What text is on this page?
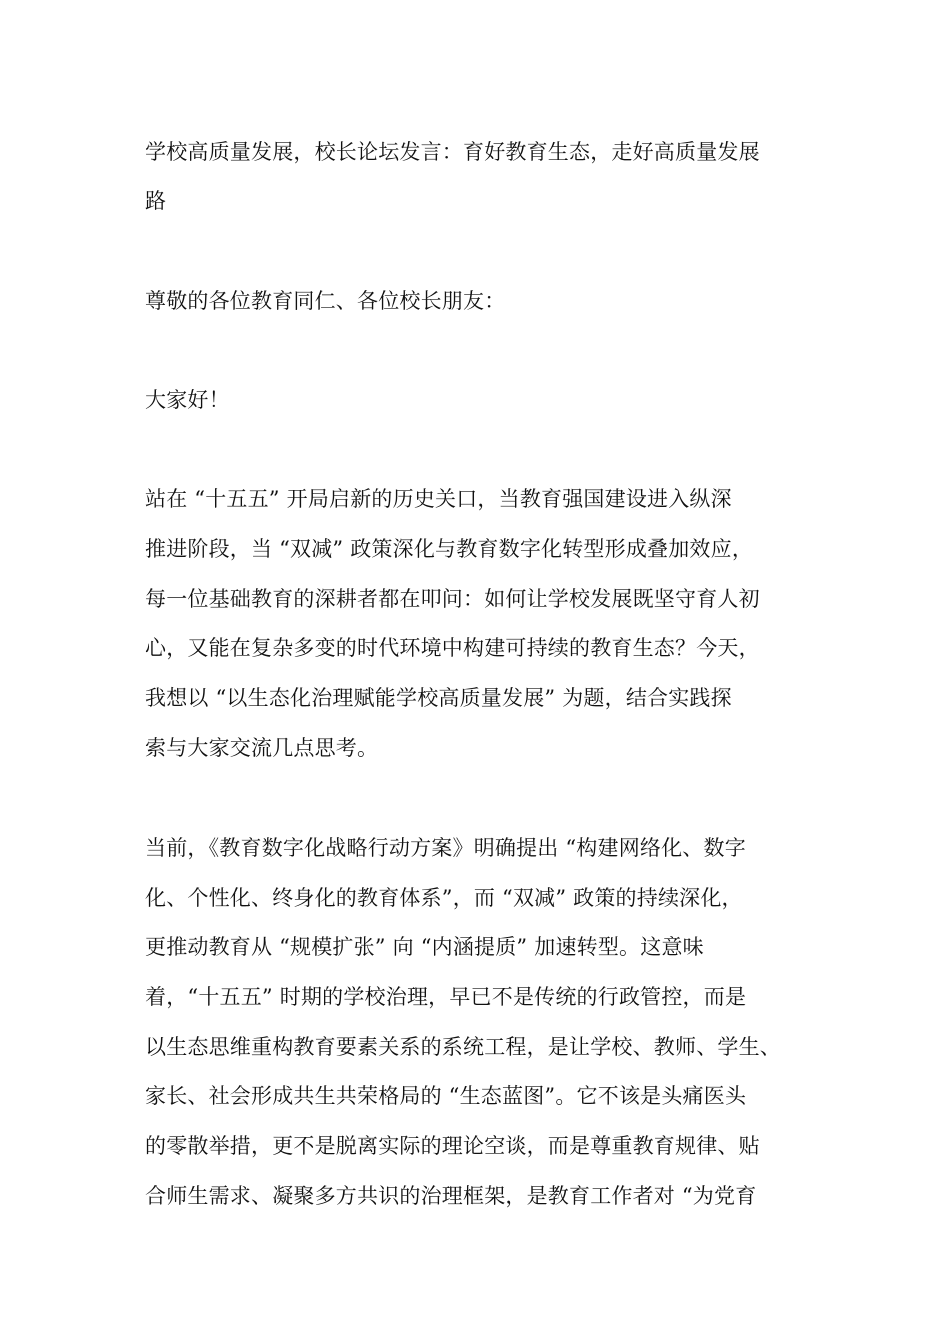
学校高质量发展，校长论坛发言：育好教育生态，走好高质量发展

路

尊敬的各位教育同仁、各位校长朋友：

大家好！

站在 “十五五” 开局启新的历史关口，当教育强国建设进入纵深

推进阶段，当 “双减” 政策深化与教育数字化转型形成叠加效应，

每一位基础教育的深耕者都在叩问：如何让学校发展既坚守育人初

心，又能在复杂多变的时代环境中构建可持续的教育生态？今天，

我想以 “以生态化治理赋能学校高质量发展” 为题，结合实践探

索与大家交流几点思考。

当前，《教育数字化战略行动方案》明确提出 “构建网络化、数字

化、个性化、终身化的教育体系”，而 “双减” 政策的持续深化，

更推动教育从 “规模扩张” 向 “内涵提质” 加速转型。这意味

着，“十五五” 时期的学校治理，早已不是传统的行政管控，而是

以生态思维重构教育要素关系的系统工程，是让学校、教师、学生、

家长、社会形成共生共荣格局的 “生态蓝图”。它不该是头痛医头

的零散举措，更不是脱离实际的理论空谈，而是尊重教育规律、贴

合师生需求、凝聚多方共识的治理框架，是教育工作者对 “为党育
